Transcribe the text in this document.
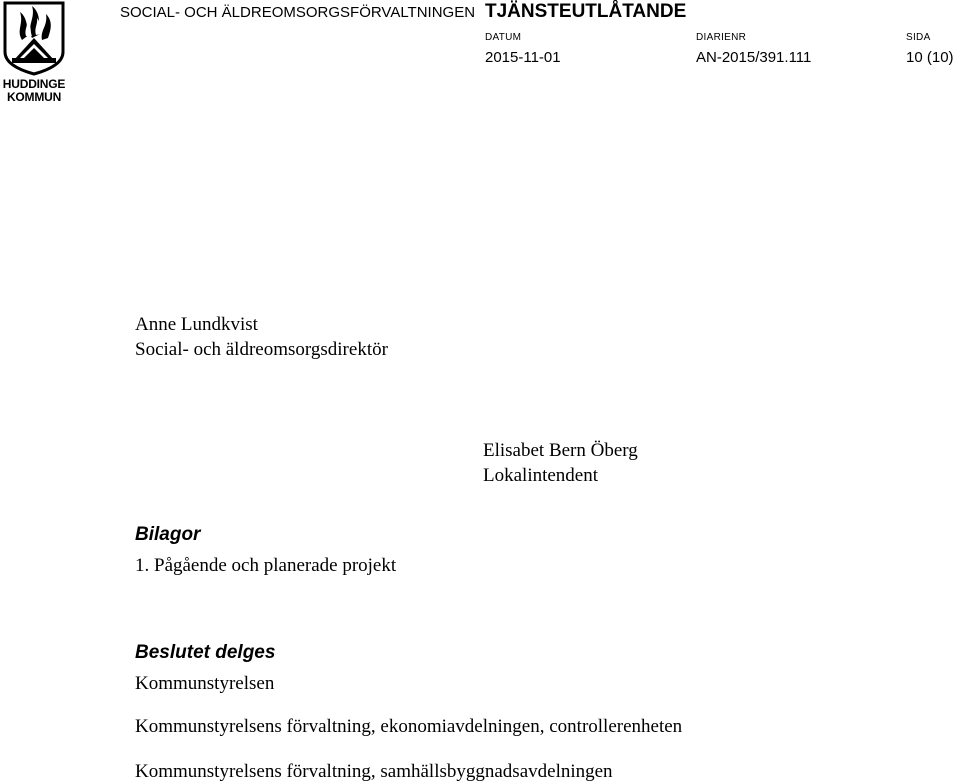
HUDDINGE
KOMMUN
SOCIAL- OCH ÄLDREOMSORGSFÖRVALTNINGEN TJÄNSTEUTLÅTANDE
DATUM
2015-11-01
DIARIENR
AN-2015/391.111
SIDA
10 (10)
Anne Lundkvist
Social- och äldreomsorgsdirektör
Elisabet Bern Öberg
Lokalintendent
Bilagor
1. Pågående och planerade projekt
Beslutet delges
Kommunstyrelsen
Kommunstyrelsens förvaltning, ekonomiavdelningen, controllerenheten
Kommunstyrelsens förvaltning, samhällsbyggnadsavdelningen
